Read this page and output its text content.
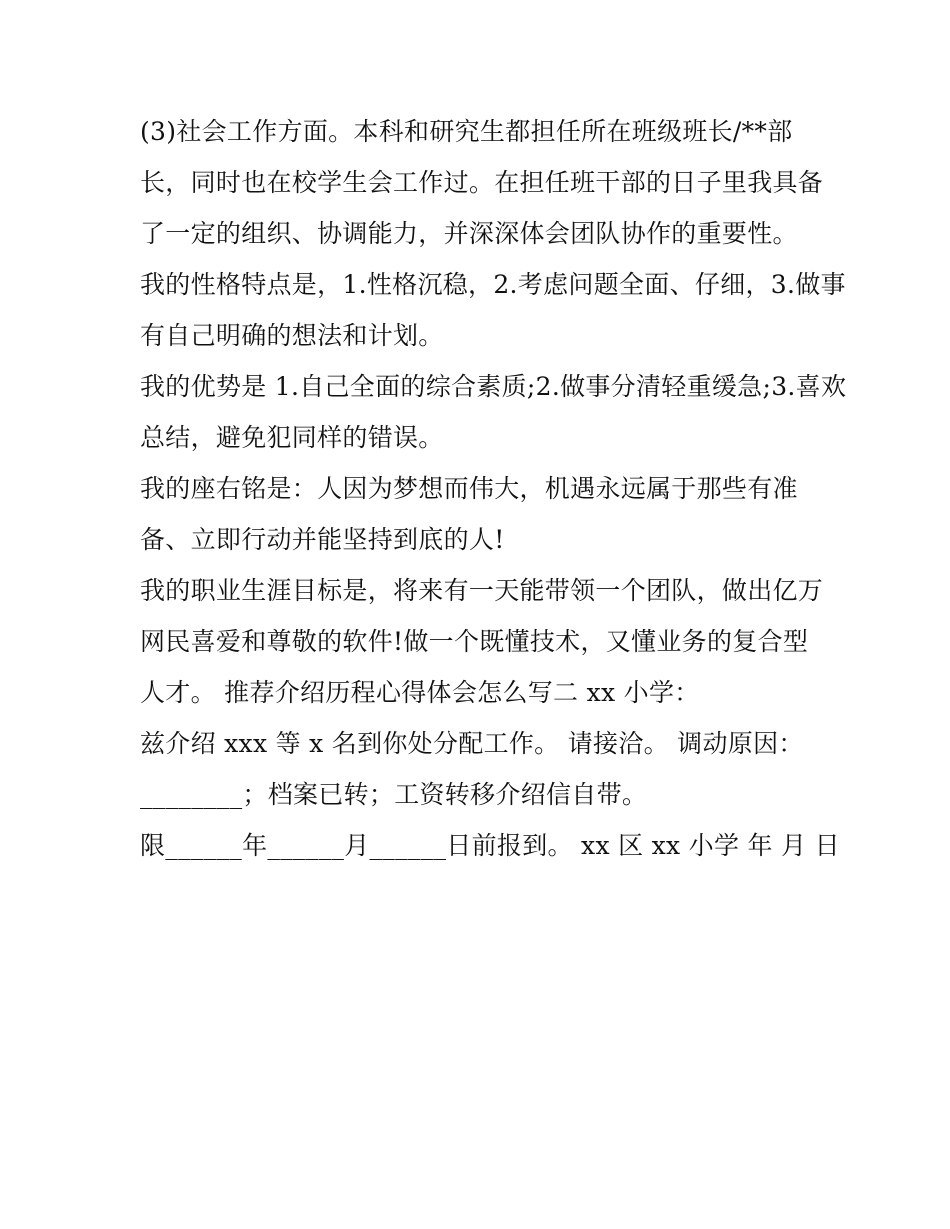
(3)社会工作方面。本科和研究生都担任所在班级班长/**部
长，同时也在校学生会工作过。在担任班干部的日子里我具备
了一定的组织、协调能力，并深深体会团队协作的重要性。
我的性格特点是，1.性格沉稳，2.考虑问题全面、仔细，3.做事
有自己明确的想法和计划。
我的优势是 1.自己全面的综合素质;2.做事分清轻重缓急;3.喜欢
总结，避免犯同样的错误。
我的座右铭是：人因为梦想而伟大，机遇永远属于那些有准
备、立即行动并能坚持到底的人!
我的职业生涯目标是，将来有一天能带领一个团队，做出亿万
网民喜爱和尊敬的软件!做一个既懂技术，又懂业务的复合型
人才。 推荐介绍历程心得体会怎么写二 xx 小学：
兹介绍 xxx 等 x 名到你处分配工作。 请接洽。 调动原因：
________；档案已转；工资转移介绍信自带。
限______年______月______日前报到。 xx 区 xx 小学 年 月 日
